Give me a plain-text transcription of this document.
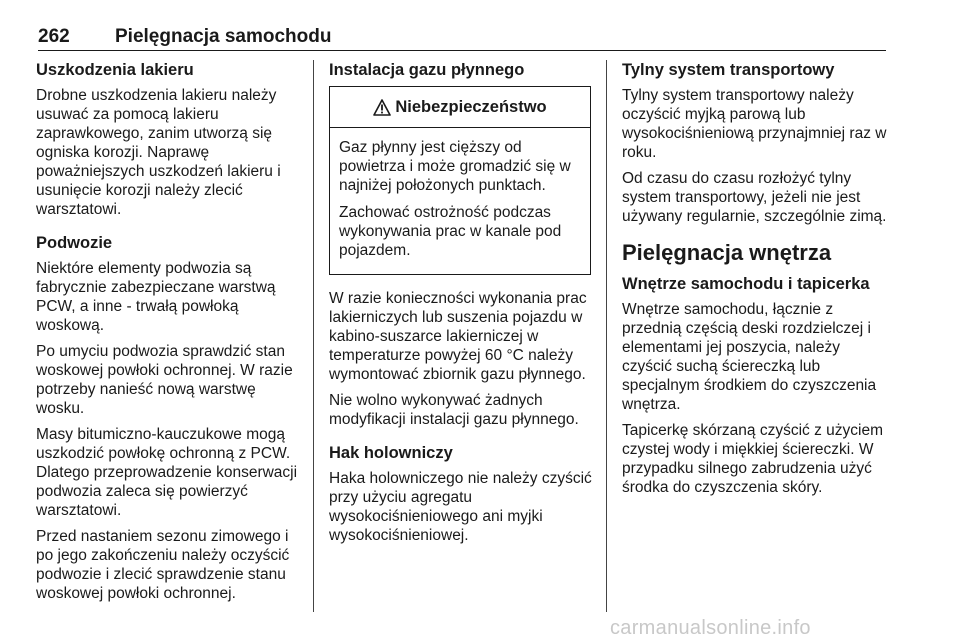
262 Pielęgnacja samochodu
Uszkodzenia lakieru

Drobne uszkodzenia lakieru należy usuwać za pomocą lakieru zaprawkowego, zanim utworzą się ogniska korozji. Naprawę poważniejszych uszkodzeń lakieru i usunięcie korozji należy zlecić warsztatowi.

Podwozie

Niektóre elementy podwozia są fabrycznie zabezpieczane warstwą PCW, a inne - trwałą powłoką woskową.

Po umyciu podwozia sprawdzić stan woskowej powłoki ochronnej. W razie potrzeby nanieść nową warstwę wosku.

Masy bitumiczno-kauczukowe mogą uszkodzić powłokę ochronną z PCW. Dlatego przeprowadzenie konserwacji podwozia zaleca się powierzyć warsztatowi.

Przed nastaniem sezonu zimowego i po jego zakończeniu należy oczyścić podwozie i zlecić sprawdzenie stanu woskowej powłoki ochronnej.

Instalacja gazu płynnego
Niebezpieczeństwo

Gaz płynny jest cięższy od powietrza i może gromadzić się w najniżej położonych punktach.

Zachować ostrożność podczas wykonywania prac w kanale pod pojazdem.

W razie konieczności wykonania prac lakierniczych lub suszenia pojazdu w kabino-suszarce lakierniczej w temperaturze powyżej 60 °C należy wymontować zbiornik gazu płynnego.

Nie wolno wykonywać żadnych modyfikacji instalacji gazu płynnego.

Hak holowniczy

Haka holowniczego nie należy czyścić przy użyciu agregatu wysokociśnieniowego ani myjki wysokociśnieniowej.

Tylny system transportowy

Tylny system transportowy należy oczyścić myjką parową lub wysokociśnieniową przynajmniej raz w roku.

Od czasu do czasu rozłożyć tylny system transportowy, jeżeli nie jest używany regularnie, szczególnie zimą.

Pielęgnacja wnętrza
Wnętrze samochodu i tapicerka

Wnętrze samochodu, łącznie z przednią częścią deski rozdzielczej i elementami jej poszycia, należy czyścić suchą ściereczką lub specjalnym środkiem do czyszczenia wnętrza.

Tapicerkę skórzaną czyścić z użyciem czystej wody i miękkiej ściereczki. W przypadku silnego zabrudzenia użyć środka do czyszczenia skóry.

carmanualsonline.info
